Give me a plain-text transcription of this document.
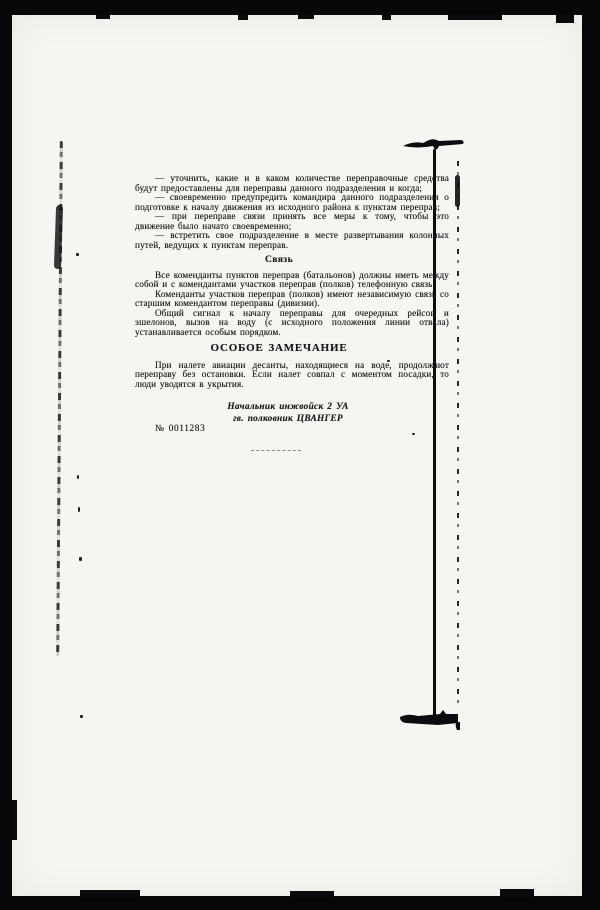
— уточнить, какие и в каком количестве переправочные средства будут предоставлены для переправы данного подразделения и когда;

— своевременно предупредить командира данного подразделения о подготовке к началу движения из исходного района к пунктам переправ;

— при переправе связи принять все меры к тому, чтобы это движение было начато своевременно;

— встретить свое подразделение в месте развертывания колонных путей, ведущих к пунктам переправ.

Связь

Все коменданты пунктов переправ (батальонов) должны иметь между собой и с комендантами участков переправ (полков) телефонную связь.

Коменданты участков переправ (полков) имеют независимую связь со старшим комендантом переправы (дивизии).

Общий сигнал к началу переправы для очередных рейсов и эшелонов, вызов на воду (с исходного положения линии отвала) устанавливается особым порядком.

ОСОБОЕ ЗАМЕЧАНИЕ

При налете авиации десанты, находящиеся на воде, продолжают переправу без остановки. Если налет совпал с моментом посадки, то люди уводятся в укрытия.

Начальник инжвойск 2 УА
гв. полковник ЦВАНГЕР

№ 0011283
